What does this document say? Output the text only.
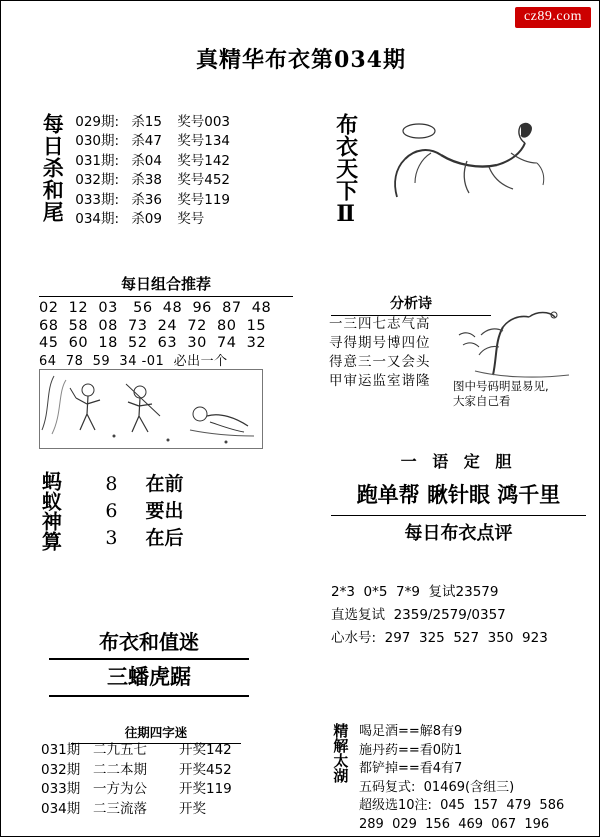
cz89.com
真精华布衣第034期
每日杀和尾 029期: 杀15 奖号003
030期: 杀47 奖号134
031期: 杀04 奖号142
032期: 杀38 奖号452
033期: 杀36 奖号119
034期: 杀09 奖号
每日组合推荐
02  12  03   56  48  96  87  48
68  58  08  73  24  72  80  15
45  60  18  52  63  30  74  32
64  78  59  34 -01  必出一个
蚂蚁神算 8
6
3
在前
要出
在后
布衣和值迷
三蟠虎踞
往期四字迷
031期 二九五七 开奖142
032期 二二本期 开奖452
033期 一方为公 开奖119
034期 二三流落 开奖
布衣天下Ⅱ
分析诗
一三四七志气高
寻得期号博四位
得意三一又会头
甲审运监室谐隆 图中号码明显易见,
大家自己看
一 语 定 胆
跑单帮 瞅针眼 鸿千里
每日布衣点评
2*3  0*5  7*9  复试23579
直选复试  2359/2579/0357
心水号:  297  325  527  350  923
精解太湖 喝足酒==解8有9
施丹药==看0防1
都铲掉==看4有7
五码复式:  01469(含组三)
超级选10注:  045  157  479  586
289  029  156  469  067  196
